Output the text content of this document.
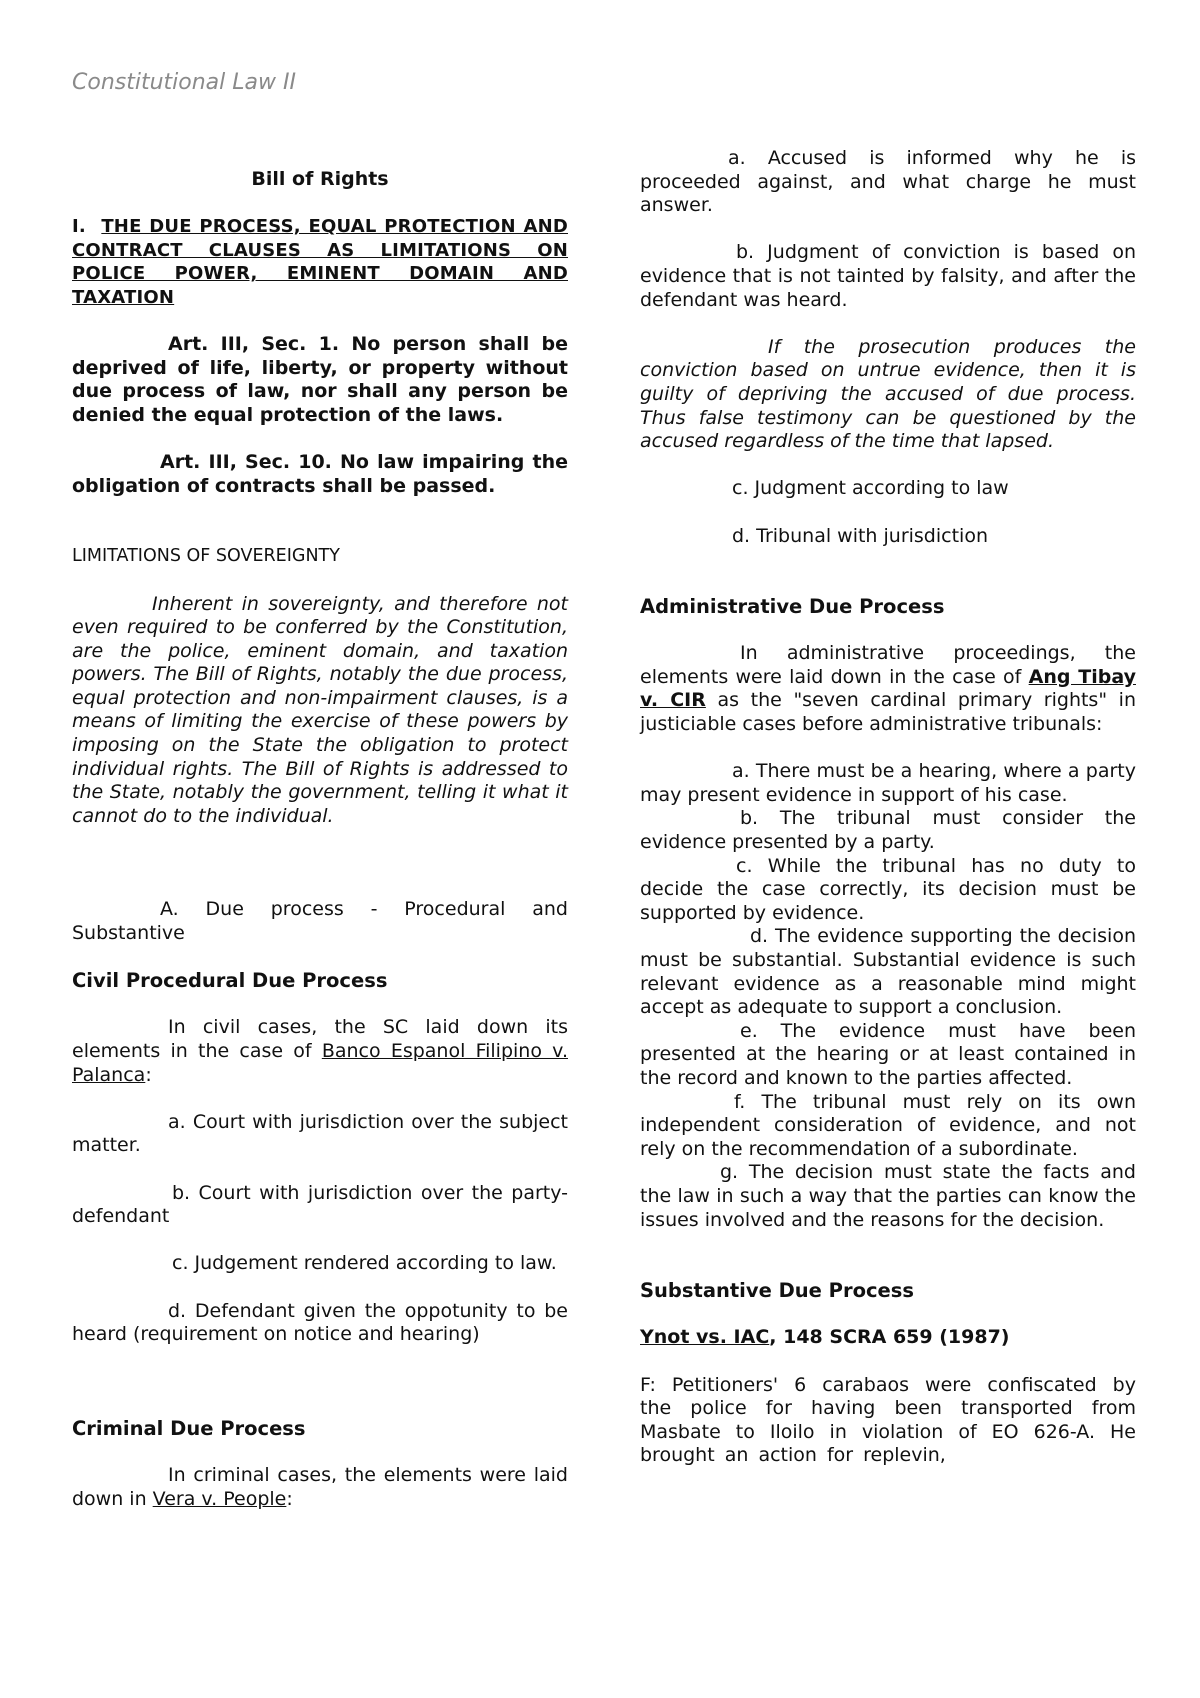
Constitutional Law II

Bill of Rights

I. THE DUE PROCESS, EQUAL PROTECTION AND CONTRACT CLAUSES AS LIMITATIONS ON POLICE POWER, EMINENT DOMAIN AND TAXATION

Art. III, Sec. 1. No person shall be deprived of life, liberty, or property without due process of law, nor shall any person be denied the equal protection of the laws.

Art. III, Sec. 10. No law impairing the obligation of contracts shall be passed.

LIMITATIONS OF SOVEREIGNTY

Inherent in sovereignty, and therefore not even required to be conferred by the Constitution, are the police, eminent domain, and taxation powers. The Bill of Rights, notably the due process, equal protection and non-impairment clauses, is a means of limiting the exercise of these powers by imposing on the State the obligation to protect individual rights. The Bill of Rights is addressed to the State, notably the government, telling it what it cannot do to the individual.

A. Due process - Procedural and Substantive

Civil Procedural Due Process

In civil cases, the SC laid down its elements in the case of Banco Espanol Filipino v. Palanca:

a. Court with jurisdiction over the subject matter.

b. Court with jurisdiction over the party-defendant

c. Judgement rendered according to law.

d. Defendant given the oppotunity to be heard (requirement on notice and hearing)

Criminal Due Process

In criminal cases, the elements were laid down in Vera v. People:

a. Accused is informed why he is proceeded against, and what charge he must answer.

b. Judgment of conviction is based on evidence that is not tainted by falsity, and after the defendant was heard.

If the prosecution produces the conviction based on untrue evidence, then it is guilty of depriving the accused of due process. Thus false testimony can be questioned by the accused regardless of the time that lapsed.

c. Judgment according to law

d. Tribunal with jurisdiction

Administrative Due Process

In administrative proceedings, the elements were laid down in the case of Ang Tibay v. CIR as the "seven cardinal primary rights" in justiciable cases before administrative tribunals:

a. There must be a hearing, where a party may present evidence in support of his case.

b. The tribunal must consider the evidence presented by a party.

c. While the tribunal has no duty to decide the case correctly, its decision must be supported by evidence.

d. The evidence supporting the decision must be substantial. Substantial evidence is such relevant evidence as a reasonable mind might accept as adequate to support a conclusion.

e. The evidence must have been presented at the hearing or at least contained in the record and known to the parties affected.

f. The tribunal must rely on its own independent consideration of evidence, and not rely on the recommendation of a subordinate.

g. The decision must state the facts and the law in such a way that the parties can know the issues involved and the reasons for the decision.

Substantive Due Process

Ynot vs. IAC, 148 SCRA 659 (1987)

F: Petitioners' 6 carabaos were confiscated by the police for having been transported from Masbate to Iloilo in violation of EO 626-A. He brought an action for replevin,
